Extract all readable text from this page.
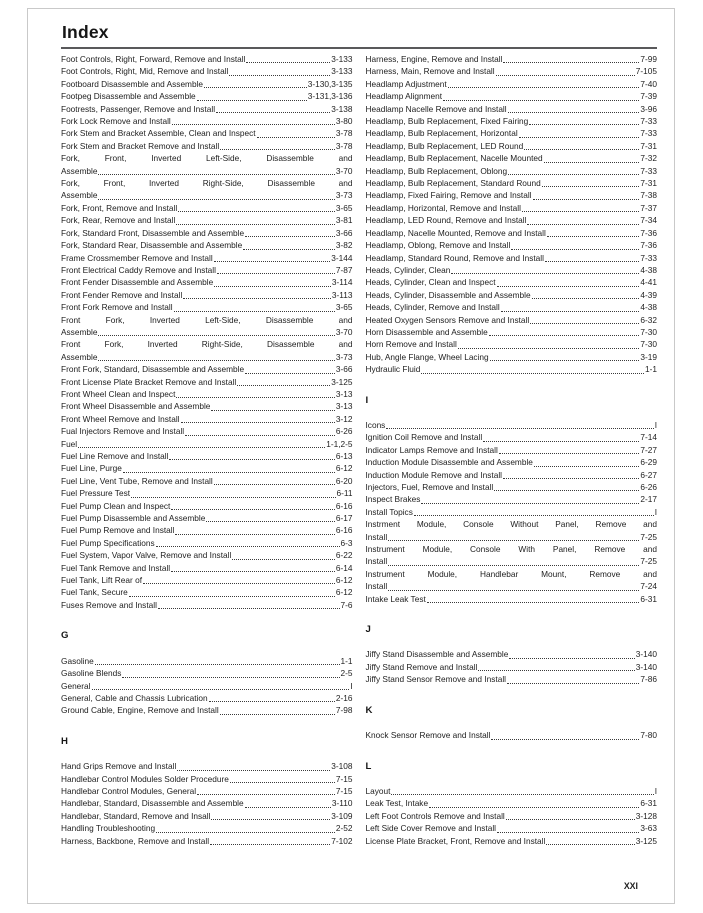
Index
Foot Controls, Right, Forward, Remove and Install	3-133
Foot Controls, Right, Mid, Remove and Install	3-133
Footboard Disassemble and Assemble	3-130,3-135
Footpeg Disassemble and Assemble	3-131,3-136
Footrests, Passenger, Remove and Install	3-138
Fork Lock Remove and Install	3-80
Fork Stem and Bracket Assemble, Clean and Inspect	3-78
Fork Stem and Bracket Remove and Install	3-78
Fork, Front, Inverted Left-Side, Disassemble and
Assemble	3-70
Fork, Front, Inverted Right-Side, Disassemble and
Assemble	3-73
Fork, Front, Remove and Install	3-65
Fork, Rear, Remove and Install	3-81
Fork, Standard Front, Disassemble and Assemble	3-66
Fork, Standard Rear, Disassemble and Assemble	3-82
Frame Crossmember Remove and Install	3-144
Front Electrical Caddy Remove and Install	7-87
Front Fender Disassemble and Assemble	3-114
Front Fender Remove and Install	3-113
Front Fork Remove and Install	3-65
Front Fork, Inverted Left-Side, Disassemble and
Assemble	3-70
Front Fork, Inverted Right-Side, Disassemble and
Assemble	3-73
Front Fork, Standard, Disassemble and Assemble	3-66
Front License Plate Bracket Remove and Install	3-125
Front Wheel Clean and Inspect	3-13
Front Wheel Disassemble and Assemble	3-13
Front Wheel Remove and Install	3-12
Fual Injectors Remove and Install	6-26
Fuel	1-1,2-5
Fuel Line Remove and Install	6-13
Fuel Line, Purge	6-12
Fuel Line, Vent Tube, Remove and Install	6-20
Fuel Pressure Test	6-11
Fuel Pump Clean and Inspect	6-16
Fuel Pump Disassemble and Assemble	6-17
Fuel Pump Remove and Install	6-16
Fuel Pump Specifications	6-3
Fuel System, Vapor Valve, Remove and Install	6-22
Fuel Tank Remove and Install	6-14
Fuel Tank, Lift Rear of	6-12
Fuel Tank, Secure	6-12
Fuses Remove and Install	7-6
G
Gasoline	1-1
Gasoline Blends	2-5
General	I
General, Cable and Chassis Lubrication	2-16
Ground Cable, Engine, Remove and Install	7-98
H
Hand Grips Remove and Install	3-108
Handlebar Control Modules Solder Procedure	7-15
Handlebar Control Modules, General	7-15
Handlebar, Standard, Disassemble and Assemble	3-110
Handlebar, Standard, Remove and Insall	3-109
Handling Troubleshooting	2-52
Harness, Backbone, Remove and Install	7-102
Harness, Engine, Remove and Install	7-99
Harness, Main, Remove and Install	7-105
Headlamp Adjustment	7-40
Headlamp Alignment	7-39
Headlamp Nacelle Remove and Install	3-96
Headlamp, Bulb Replacement, Fixed Fairing	7-33
Headlamp, Bulb Replacement, Horizontal	7-33
Headlamp, Bulb Replacement, LED Round	7-31
Headlamp, Bulb Replacement, Nacelle Mounted	7-32
Headlamp, Bulb Replacement, Oblong	7-33
Headlamp, Bulb Replacement, Standard Round	7-31
Headlamp, Fixed Fairing, Remove and Install	7-38
Headlamp, Horizontal, Remove and Install	7-37
Headlamp, LED Round, Remove and Install	7-34
Headlamp, Nacelle Mounted, Remove and Install	7-36
Headlamp, Oblong, Remove and Install	7-36
Headlamp, Standard Round, Remove and Install	7-33
Heads, Cylinder, Clean	4-38
Heads, Cylinder, Clean and Inspect	4-41
Heads, Cylinder, Disassemble and Assemble	4-39
Heads, Cylinder, Remove and Install	4-38
Heated Oxygen Sensors Remove and Install	6-32
Horn Disassemble and Assemble	7-30
Horn Remove and Install	7-30
Hub, Angle Flange, Wheel Lacing	3-19
Hydraulic Fluid	1-1
I
Icons	I
Ignition Coil Remove and Install	7-14
Indicator Lamps Remove and Install	7-27
Induction Module Disassemble and Assemble	6-29
Induction Module Remove and Install	6-27
Injectors, Fuel, Remove and Install	6-26
Inspect Brakes	2-17
Install Topics	I
Instrment Module, Console Without Panel, Remove and
Install	7-25
Instrument Module, Console With Panel, Remove and
Install	7-25
Instrument Module, Handlebar Mount, Remove and
Install	7-24
Intake Leak Test	6-31
J
Jiffy Stand Disassemble and Assemble	3-140
Jiffy Stand Remove and Install	3-140
Jiffy Stand Sensor Remove and Install	7-86
K
Knock Sensor Remove and Install	7-80
L
Layout	I
Leak Test, Intake	6-31
Left Foot Controls Remove and Install	3-128
Left Side Cover Remove and Install	3-63
License Plate Bracket, Front, Remove and Install	3-125
XXI
